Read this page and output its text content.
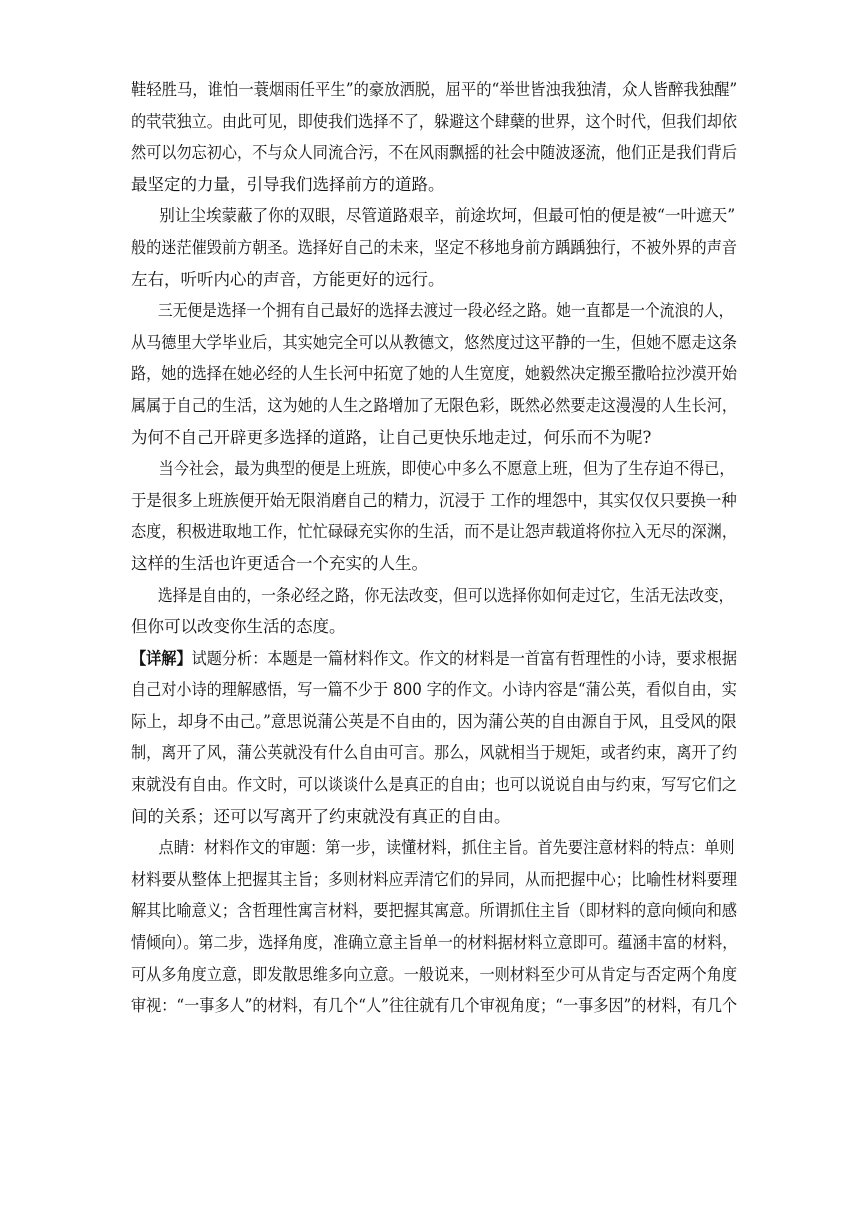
鞋轻胜马，谁怕一蓑烟雨任平生”的豪放洒脱，屈平的“举世皆浊我独清，众人皆醉我独醒”
的茕茕独立。由此可见，即使我们选择不了，躲避这个肆蘖的世界，这个时代，但我们却依
然可以勿忘初心，不与众人同流合污，不在风雨飘摇的社会中随波逐流，他们正是我们背后
最坚定的力量，引导我们选择前方的道路。
别让尘埃蒙蔽了你的双眼，尽管道路艰辛，前途坎坷，但最可怕的便是被“一叶遮天”
般的迷茫催毁前方朝圣。选择好自己的未来，坚定不移地身前方踽踽独行，不被外界的声音
左右，听听内心的声音，方能更好的远行。
三无便是选择一个拥有自己最好的选择去渡过一段必经之路。她一直都是一个流浪的人，
从马德里大学毕业后，其实她完全可以从教德文，悠然度过这平静的一生，但她不愿走这条
路，她的选择在她必经的人生长河中拓宽了她的人生宽度，她毅然决定搬至撒哈拉沙漠开始
属属于自己的生活，这为她的人生之路增加了无限色彩，既然必然要走这漫漫的人生长河，
为何不自己开辟更多选择的道路，让自己更快乐地走过，何乐而不为呢?
当今社会，最为典型的便是上班族，即使心中多么不愿意上班，但为了生存迫不得已，
于是很多上班族便开始无限消磨自己的精力，沉浸于 工作的埋怨中，其实仅仅只要换一种
态度，积极进取地工作，忙忙碌碌充实你的生活，而不是让怨声载道将你拉入无尽的深渊，
这样的生活也许更适合一个充实的人生。
选择是自由的，一条必经之路，你无法改变，但可以选择你如何走过它，生活无法改变，
但你可以改变你生活的态度。
【详解】试题分析：本题是一篇材料作文。作文的材料是一首富有哲理性的小诗，要求根据
自己对小诗的理解感悟，写一篇不少于 800 字的作文。小诗内容是“蒲公英，看似自由，实
际上，却身不由己。”意思说蒲公英是不自由的，因为蒲公英的自由源自于风，且受风的限
制，离开了风，蒲公英就没有什么自由可言。那么，风就相当于规矩，或者约束，离开了约
束就没有自由。作文时，可以谈谈什么是真正的自由；也可以说说自由与约束，写写它们之
间的关系；还可以写离开了约束就没有真正的自由。
点睛：材料作文的审题：第一步，读懂材料，抓住主旨。首先要注意材料的特点：单则
材料要从整体上把握其主旨；多则材料应弄清它们的异同，从而把握中心；比喻性材料要理
解其比喻意义；含哲理性寓言材料，要把握其寓意。所谓抓住主旨（即材料的意向倾向和感
情倾向）。第二步，选择角度，准确立意主旨单一的材料据材料立意即可。蕴涵丰富的材料，
可从多角度立意，即发散思维多向立意。一般说来，一则材料至少可从肯定与否定两个角度
审视：“一事多人”的材料，有几个“人”往往就有几个审视角度；“一事多因”的材料，有几个
